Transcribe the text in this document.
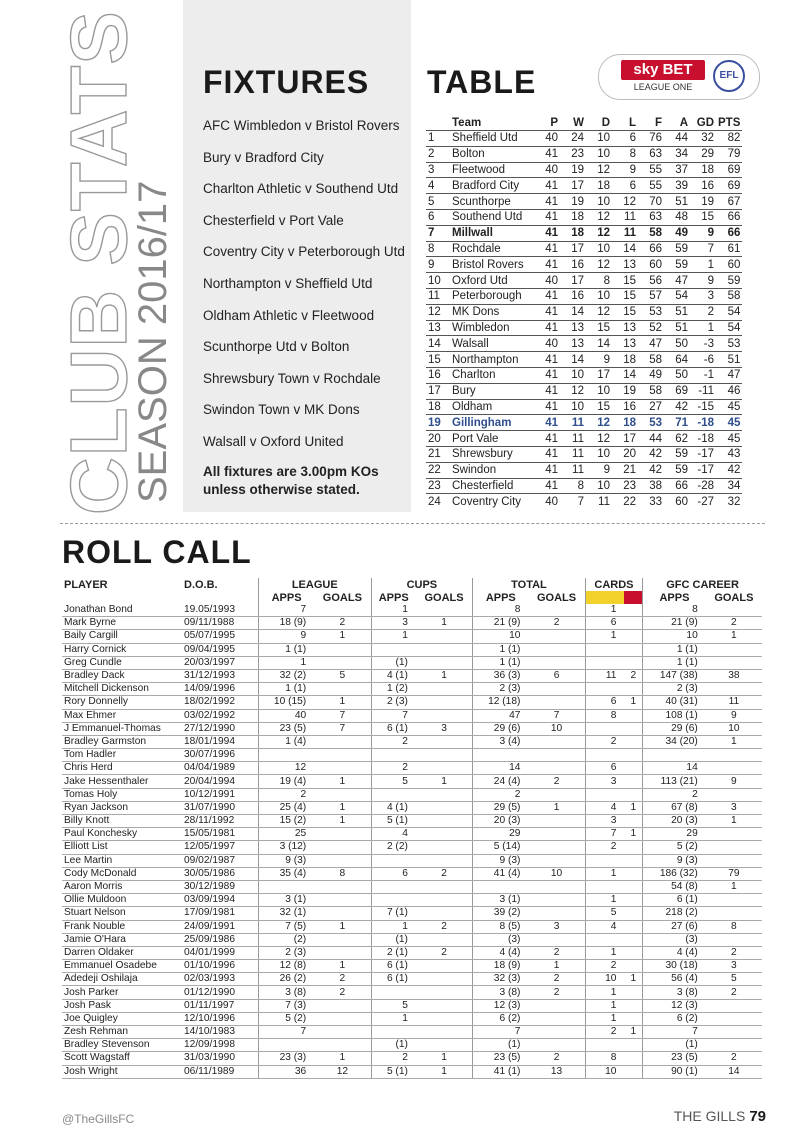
CLUB STATS
SEASON 2016/17
FIXTURES
AFC Wimbledon v Bristol Rovers
Bury v Bradford City
Charlton Athletic v Southend Utd
Chesterfield v Port Vale
Coventry City v Peterborough Utd
Northampton v Sheffield Utd
Oldham Athletic v Fleetwood
Scunthorpe Utd v Bolton
Shrewsbury Town v Rochdale
Swindon Town v MK Dons
Walsall v Oxford United
All fixtures are 3.00pm KOs unless otherwise stated.
TABLE	sky BET
LEAGUE ONE
EFL
	Team	P	W	D	L	F	A	GD	PTS
1	Sheffield Utd	40	24	10	6	76	44	32	82
2	Bolton	41	23	10	8	63	34	29	79
3	Fleetwood	40	19	12	9	55	37	18	69
4	Bradford City	41	17	18	6	55	39	16	69
5	Scunthorpe	41	19	10	12	70	51	19	67
6	Southend Utd	41	18	12	11	63	48	15	66
7	Millwall	41	18	12	11	58	49	9	66
8	Rochdale	41	17	10	14	66	59	7	61
9	Bristol Rovers	41	16	12	13	60	59	1	60
10	Oxford Utd	40	17	8	15	56	47	9	59
11	Peterborough	41	16	10	15	57	54	3	58
12	MK Dons	41	14	12	15	53	51	2	54
13	Wimbledon	41	13	15	13	52	51	1	54
14	Walsall	40	13	14	13	47	50	-3	53
15	Northampton	41	14	9	18	58	64	-6	51
16	Charlton	41	10	17	14	49	50	-1	47
17	Bury	41	12	10	19	58	69	-11	46
18	Oldham	41	10	15	16	27	42	-15	45
19	Gillingham	41	11	12	18	53	71	-18	45
20	Port Vale	41	11	12	17	44	62	-18	45
21	Shrewsbury	41	11	10	20	42	59	-17	43
22	Swindon	41	11	9	21	42	59	-17	42
23	Chesterfield	41	8	10	23	38	66	-28	34
24	Coventry City	40	7	11	22	33	60	-27	32
ROLL CALL
PLAYER	D.O.B.	LEAGUE		CUPS		TOTAL		CARDS		GFC CAREER	
		APPS	GOALS	APPS	GOALS	APPS	GOALS			APPS	GOALS
Jonathan Bond	19.05/1993	7		1		8		1		8	
Mark Byrne	09/11/1988	18 (9)	2	3	1	21 (9)	2	6		21 (9)	2
Baily Cargill	05/07/1995	9	1	1		10		1		10	1
Harry Cornick	09/04/1995	1 (1)				1 (1)				1 (1)	
Greg Cundle	20/03/1997	1		(1)		1 (1)				1 (1)	
Bradley Dack	31/12/1993	32 (2)	5	4 (1)	1	36 (3)	6	11	2	147 (38)	38
Mitchell Dickenson	14/09/1996	1 (1)		1 (2)		2 (3)				2 (3)	
Rory Donnelly	18/02/1992	10 (15)	1	2 (3)		12 (18)		6	1	40 (31)	11
Max Ehmer	03/02/1992	40	7	7		47	7	8		108 (1)	9
J Emmanuel-Thomas	27/12/1990	23 (5)	7	6 (1)	3	29 (6)	10			29 (6)	10
Bradley Garmston	18/01/1994	1 (4)		2		3 (4)		2		34 (20)	1
Tom Hadler	30/07/1996										
Chris Herd	04/04/1989	12		2		14		6		14	
Jake Hessenthaler	20/04/1994	19 (4)	1	5	1	24 (4)	2	3		113 (21)	9
Tomas Holy	10/12/1991	2				2				2	
Ryan Jackson	31/07/1990	25 (4)	1	4 (1)		29 (5)	1	4	1	67 (8)	3
Billy Knott	28/11/1992	15 (2)	1	5 (1)		20 (3)		3		20 (3)	1
Paul Konchesky	15/05/1981	25		4		29		7	1	29	
Elliott List	12/05/1997	3 (12)		2 (2)		5 (14)		2		5 (2)	
Lee Martin	09/02/1987	9 (3)				9 (3)				9 (3)	
Cody McDonald	30/05/1986	35 (4)	8	6	2	41 (4)	10	1		186 (32)	79
Aaron Morris	30/12/1989									54 (8)	1
Ollie Muldoon	03/09/1994	3 (1)				3 (1)		1		6 (1)	
Stuart Nelson	17/09/1981	32 (1)		7 (1)		39 (2)		5		218 (2)	
Frank Nouble	24/09/1991	7 (5)	1	1	2	8 (5)	3	4		27 (6)	8
Jamie O'Hara	25/09/1986	(2)		(1)		(3)				(3)	
Darren Oldaker	04/01/1999	2 (3)		2 (1)	2	4 (4)	2	1		4 (4)	2
Emmanuel Osadebe	01/10/1996	12 (8)	1	6 (1)		18 (9)	1	2		30 (18)	3
Adedeji Oshilaja	02/03/1993	26 (2)	2	6 (1)		32 (3)	2	10	1	56 (4)	5
Josh Parker	01/12/1990	3 (8)	2			3 (8)	2	1		3 (8)	2
Josh Pask	01/11/1997	7 (3)		5		12 (3)		1		12 (3)	
Joe Quigley	12/10/1996	5 (2)		1		6 (2)		1		6 (2)	
Zesh Rehman	14/10/1983	7				7		2	1	7	
Bradley Stevenson	12/09/1998			(1)		(1)				(1)	
Scott Wagstaff	31/03/1990	23 (3)	1	2	1	23 (5)	2	8		23 (5)	2
Josh Wright	06/11/1989	36	12	5 (1)	1	41 (1)	13	10		90 (1)	14
@TheGillsFC	THE GILLS 79
